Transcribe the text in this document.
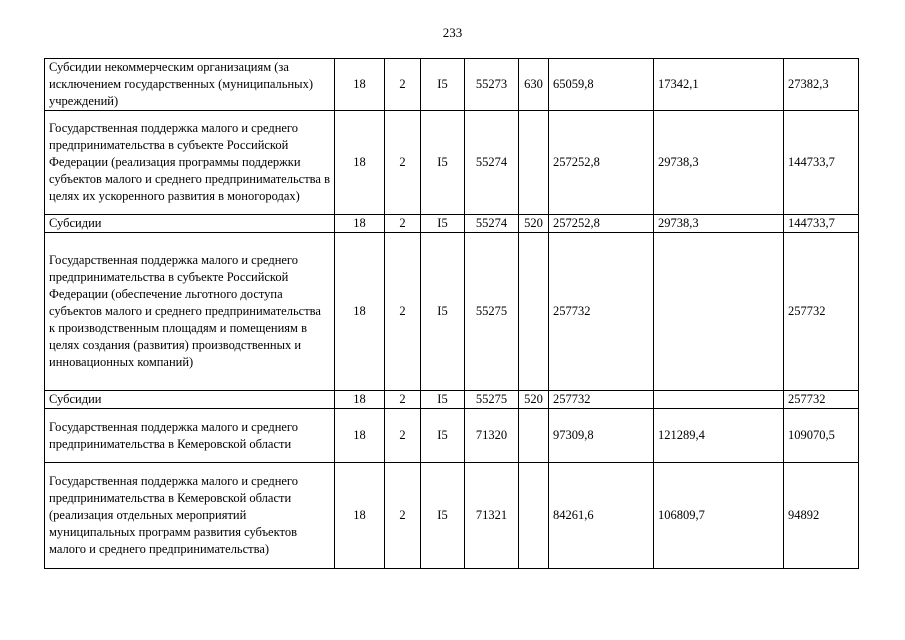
233
Субсидии некоммерческим организациям (за исключением государственных (муниципальных) учреждений)	18	2	I5	55273	630	65059,8	17342,1	27382,3
Государственная поддержка малого и среднего предпринимательства в субъекте Российской Федерации (реализация программы поддержки субъектов малого и среднего предпринимательства в целях их ускоренного развития в моногородах)	18	2	I5	55274		257252,8	29738,3	144733,7
Субсидии	18	2	I5	55274	520	257252,8	29738,3	144733,7
Государственная поддержка малого и среднего предпринимательства в субъекте Российской Федерации (обеспечение льготного доступа субъектов малого и среднего предпринимательства к производственным площадям и помещениям в целях создания (развития) производственных и инновационных компаний)	18	2	I5	55275		257732		257732
Субсидии	18	2	I5	55275	520	257732		257732
Государственная поддержка малого и среднего предпринимательства в Кемеровской области	18	2	I5	71320		97309,8	121289,4	109070,5
Государственная поддержка малого и среднего предпринимательства в Кемеровской области (реализация отдельных мероприятий муниципальных программ развития субъектов малого и среднего предпринимательства)	18	2	I5	71321		84261,6	106809,7	94892
